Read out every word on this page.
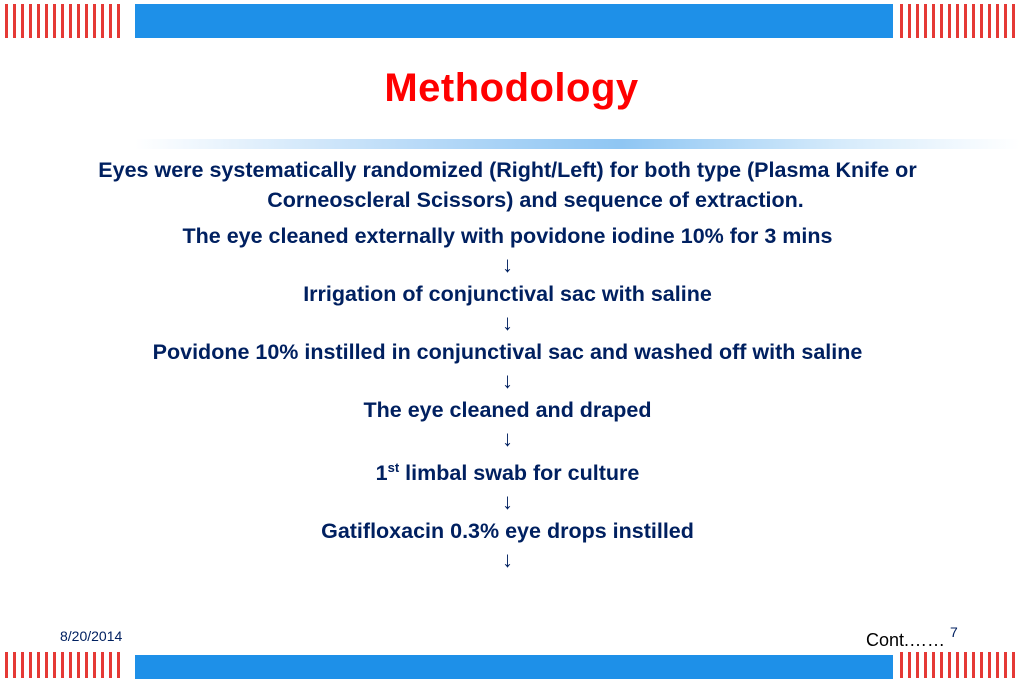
Methodology

Eyes were systematically randomized (Right/Left) for both type (Plasma Knife or Corneoscleral Scissors) and sequence of extraction.

The eye cleaned externally with povidone iodine 10% for 3 mins

↓

Irrigation of conjunctival sac with saline

↓

Povidone 10% instilled in conjunctival sac and washed off with saline

↓

The eye cleaned and draped

↓

1st limbal swab for culture

↓

Gatifloxacin 0.3% eye drops instilled

↓

8/20/2014	Cont.…… 7
